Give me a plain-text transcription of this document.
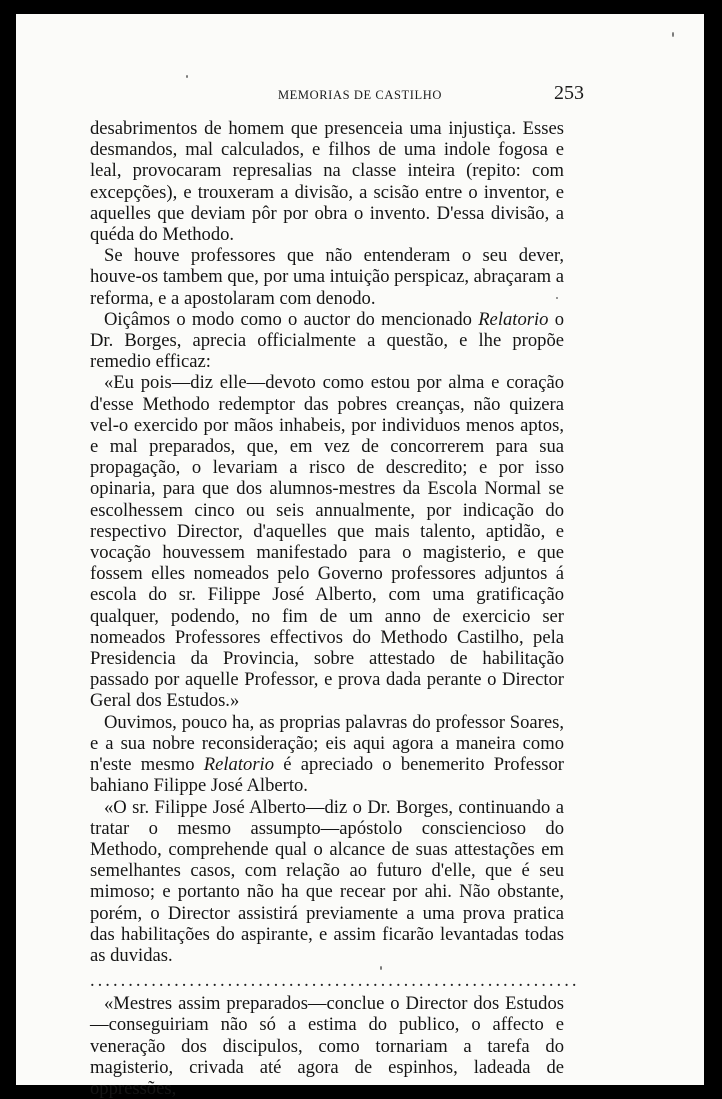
MEMORIAS DE CASTILHO	253

desabrimentos de homem que presenceia uma injustiça. Esses desmandos, mal calculados, e filhos de uma indole fogosa e leal, provocaram represalias na classe inteira (repito: com excepções), e trouxeram a divisão, a scisão entre o inventor, e aquelles que deviam pôr por obra o invento. D'essa divisão, a quéda do Methodo.

Se houve professores que não entenderam o seu dever, houve-os tambem que, por uma intuição perspicaz, abraçaram a reforma, e a apostolaram com denodo.

Oiçâmos o modo como o auctor do mencionado Relatorio o Dr. Borges, aprecia officialmente a questão, e lhe propõe remedio efficaz:

«Eu pois—diz elle—devoto como estou por alma e coração d'esse Methodo redemptor das pobres creanças, não quizera vel-o exercido por mãos inhabeis, por individuos menos aptos, e mal preparados, que, em vez de concorrerem para sua propagação, o levariam a risco de descredito; e por isso opinaria, para que dos alumnos-mestres da Escola Normal se escolhessem cinco ou seis annualmente, por indicação do respectivo Director, d'aquelles que mais talento, aptidão, e vocação houvessem manifestado para o magisterio, e que fossem elles nomeados pelo Governo professores adjuntos á escola do sr. Filippe José Alberto, com uma gratificação qualquer, podendo, no fim de um anno de exercicio ser nomeados Professores effectivos do Methodo Castilho, pela Presidencia da Provincia, sobre attestado de habilitação passado por aquelle Professor, e prova dada perante o Director Geral dos Estudos.»

Ouvimos, pouco ha, as proprias palavras do professor Soares, e a sua nobre reconsideração; eis aqui agora a maneira como n'este mesmo Relatorio é apreciado o benemerito Professor bahiano Filippe José Alberto.

«O sr. Filippe José Alberto—diz o Dr. Borges, continuando a tratar o mesmo assumpto—apóstolo consciencioso do Methodo, comprehende qual o alcance de suas attestações em semelhantes casos, com relação ao futuro d'elle, que é seu mimoso; e portanto não ha que recear por ahi. Não obstante, porém, o Director assistirá previamente a uma prova pratica das habilitações do aspirante, e assim ficarão levantadas todas as duvidas.

................................................................

«Mestres assim preparados—conclue o Director dos Estudos—conseguiriam não só a estima do publico, o affecto e veneração dos discipulos, como tornariam a tarefa do magisterio, crivada até agora de espinhos, ladeada de oppressões,
